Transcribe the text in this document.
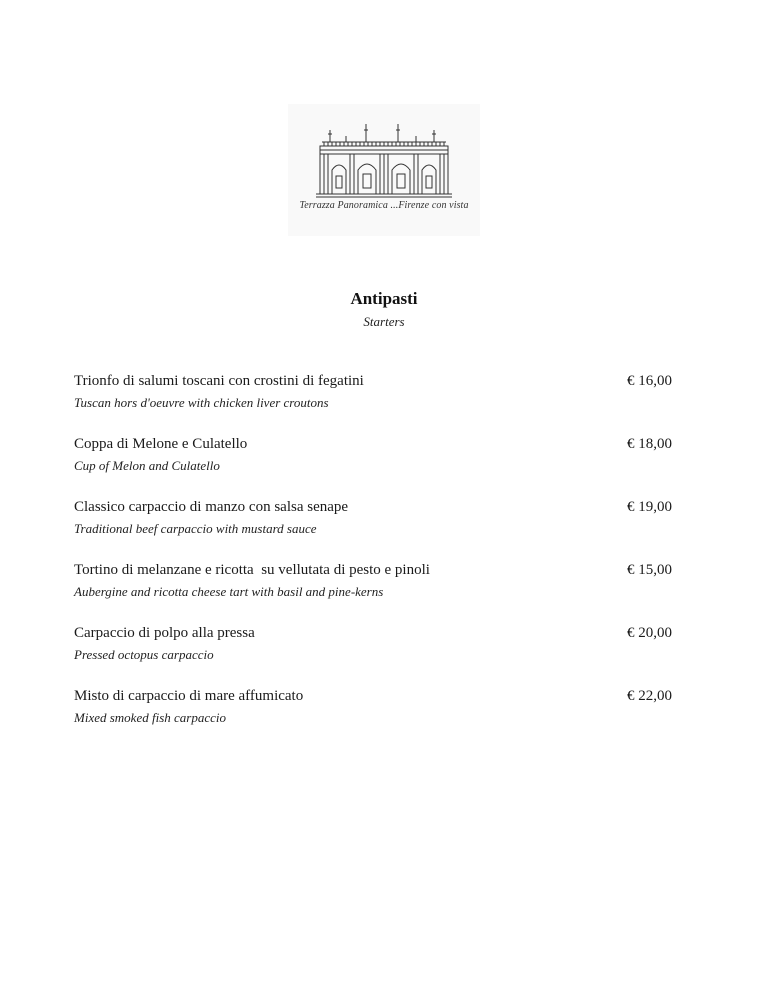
Terrazza Panoramica ...Firenze con vista
Antipasti
Starters
Trionfo di salumi toscani con crostini di fegatini
Tuscan hors d'oeuvre with chicken liver croutons
€ 16,00
Coppa di Melone e Culatello
Cup of Melon and Culatello
€ 18,00
Classico carpaccio di manzo con salsa senape
Traditional beef carpaccio with mustard sauce
€ 19,00
Tortino di melanzane e ricotta  su vellutata di pesto e pinoli
Aubergine and ricotta cheese tart with basil and pine-kerns
€ 15,00
Carpaccio di polpo alla pressa
Pressed octopus carpaccio
€ 20,00
Misto di carpaccio di mare affumicato
Mixed smoked fish carpaccio
€ 22,00
